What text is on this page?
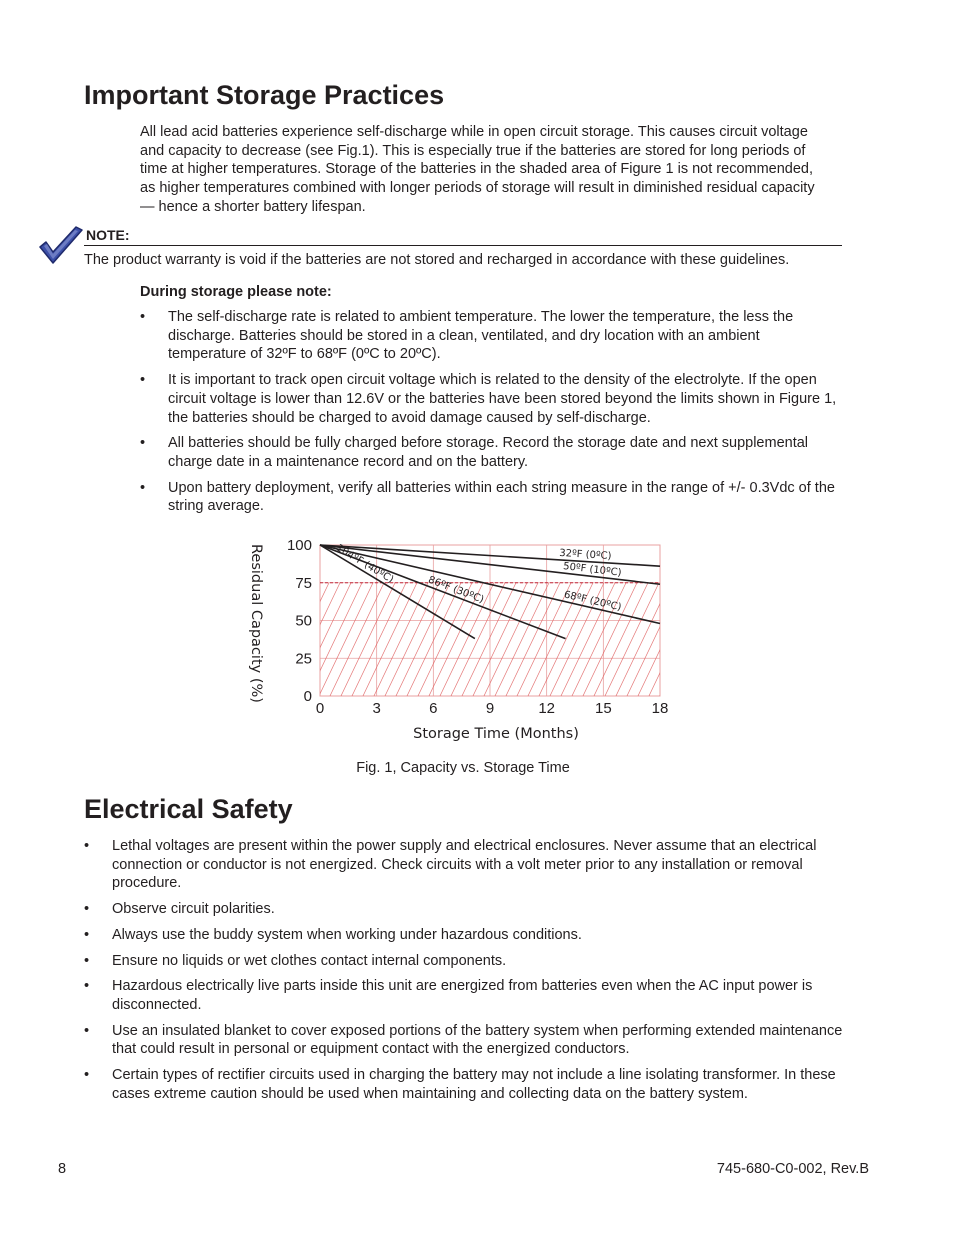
Important Storage Practices

All lead acid batteries experience self-discharge while in open circuit storage. This causes circuit voltage and capacity to decrease (see Fig.1). This is especially true if the batteries are stored for long periods of time at higher temperatures. Storage of the batteries in the shaded area of Figure 1 is not recommended, as higher temperatures combined with longer periods of storage will result in diminished residual capacity — hence a shorter battery lifespan.

NOTE:
The product warranty is void if the batteries are not stored and recharged in accordance with these guidelines.
During storage please note:
• The self-discharge rate is related to ambient temperature. The lower the temperature, the less the discharge. Batteries should be stored in a clean, ventilated, and dry location with an ambient temperature of 32ºF to 68ºF (0ºC to 20ºC).
• It is important to track open circuit voltage which is related to the density of the electrolyte. If the open circuit voltage is lower than 12.6V or the batteries have been stored beyond the limits shown in Figure 1, the batteries should be charged to avoid damage caused by self-discharge.
• All batteries should be fully charged before storage. Record the storage date and next supplemental charge date in a maintenance record and on the battery.
• Upon battery deployment, verify all batteries within each string measure in the range of +/- 0.3Vdc of the string average.
32ºF (0ºC)
50ºF (10ºC)
68ºF (20ºC)
86ºF (30ºC)
104ºF (40ºC)
0	3	6	9	12	15	18
100
75
50
25
0
Residual Capacity (%)
Storage Time (Months)
Fig. 1, Capacity vs. Storage Time
Electrical Safety
• Lethal voltages are present within the power supply and electrical enclosures. Never assume that an electrical connection or conductor is not energized. Check circuits with a volt meter prior to any installation or removal procedure.
• Observe circuit polarities.
• Always use the buddy system when working under hazardous conditions.
• Ensure no liquids or wet clothes contact internal components.
• Hazardous electrically live parts inside this unit are energized from batteries even when the AC input power is disconnected.
• Use an insulated blanket to cover exposed portions of the battery system when performing extended maintenance that could result in personal or equipment contact with the energized conductors.
• Certain types of rectifier circuits used in charging the battery may not include a line isolating transformer. In these cases extreme caution should be used when maintaining and collecting data on the battery system.
8	745-680-C0-002, Rev.B
